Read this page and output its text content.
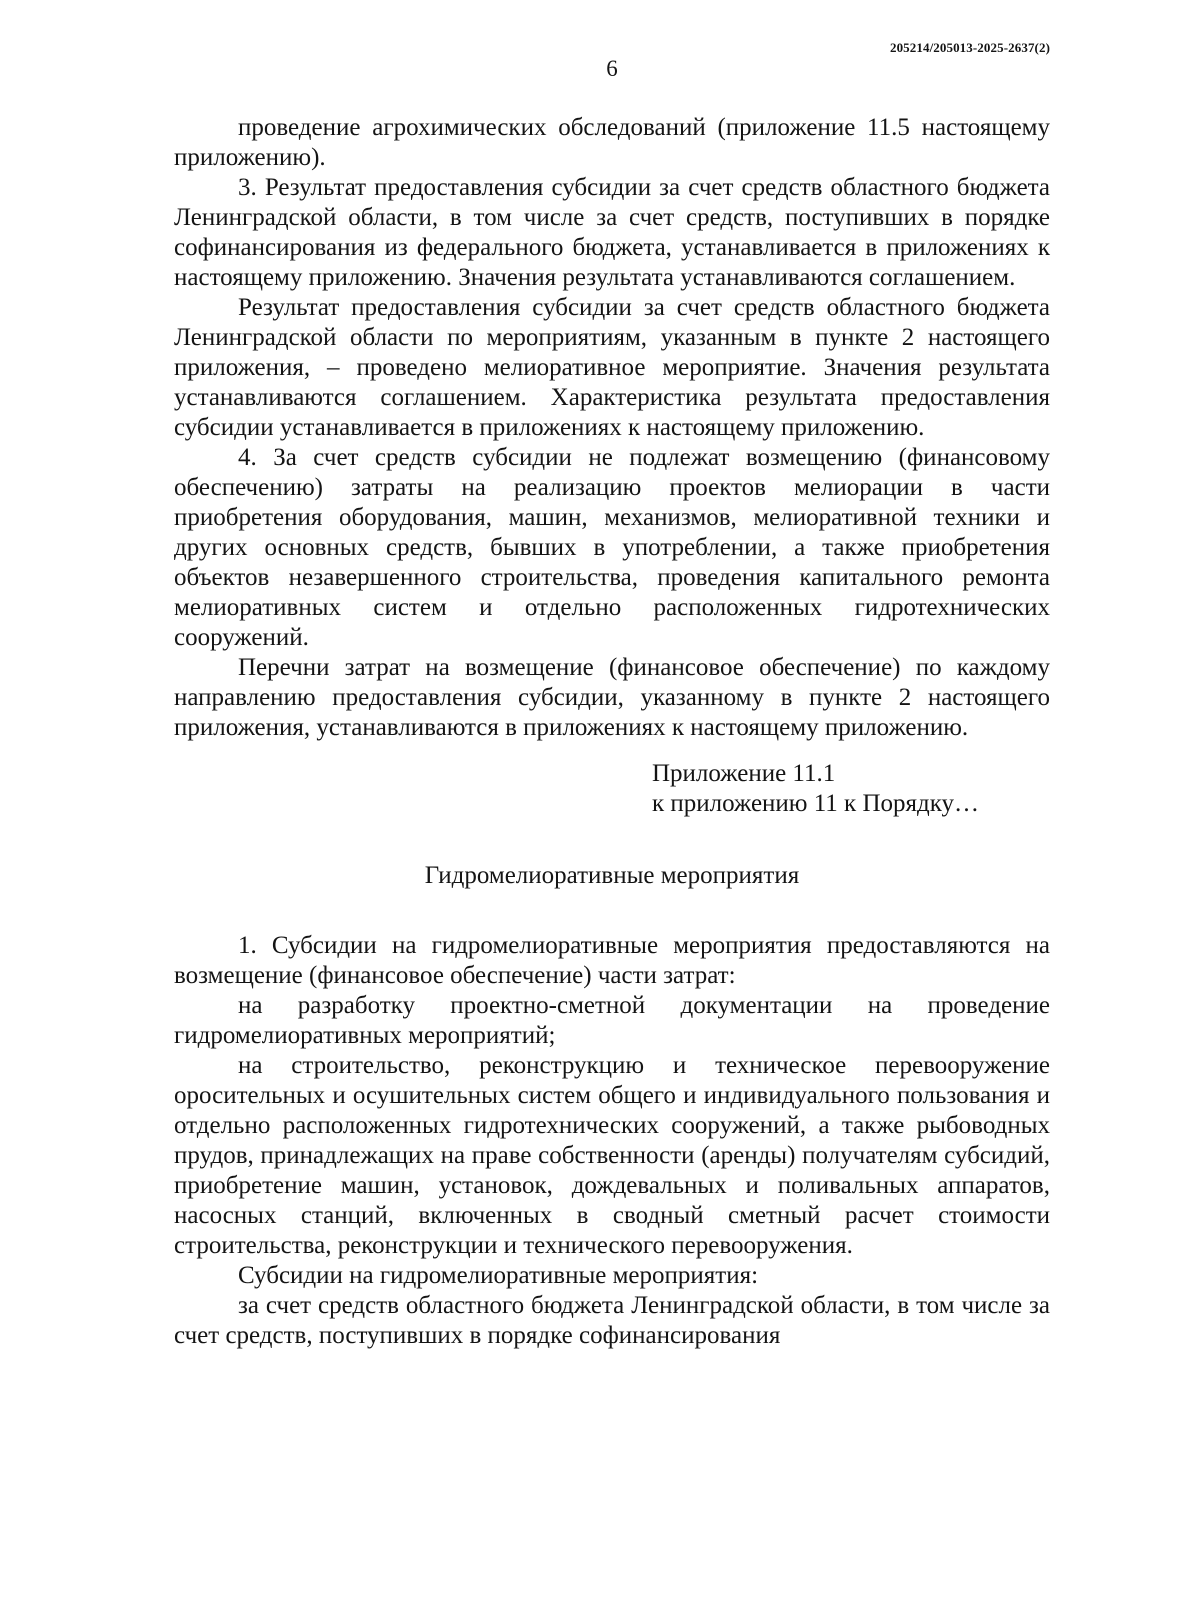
205214/205013-2025-2637(2)
6

проведение агрохимических обследований (приложение 11.5 настоящему приложению).

3. Результат предоставления субсидии за счет средств областного бюджета Ленинградской области, в том числе за счет средств, поступивших в порядке софинансирования из федерального бюджета, устанавливается в приложениях к настоящему приложению. Значения результата устанавливаются соглашением.

Результат предоставления субсидии за счет средств областного бюджета Ленинградской области по мероприятиям, указанным в пункте 2 настоящего приложения, – проведено мелиоративное мероприятие. Значения результата устанавливаются соглашением. Характеристика результата предоставления субсидии устанавливается в приложениях к настоящему приложению.

4. За счет средств субсидии не подлежат возмещению (финансовому обеспечению) затраты на реализацию проектов мелиорации в части приобретения оборудования, машин, механизмов, мелиоративной техники и других основных средств, бывших в употреблении, а также приобретения объектов незавершенного строительства, проведения капитального ремонта мелиоративных систем и отдельно расположенных гидротехнических сооружений.

Перечни затрат на возмещение (финансовое обеспечение) по каждому направлению предоставления субсидии, указанному в пункте 2 настоящего приложения, устанавливаются в приложениях к настоящему приложению.

Приложение 11.1
к приложению 11 к Порядку…
Гидромелиоративные мероприятия

1. Субсидии на гидромелиоративные мероприятия предоставляются на возмещение (финансовое обеспечение) части затрат:

на разработку проектно-сметной документации на проведение гидромелиоративных мероприятий;

на строительство, реконструкцию и техническое перевооружение оросительных и осушительных систем общего и индивидуального пользования и отдельно расположенных гидротехнических сооружений, а также рыбоводных прудов, принадлежащих на праве собственности (аренды) получателям субсидий, приобретение машин, установок, дождевальных и поливальных аппаратов, насосных станций, включенных в сводный сметный расчет стоимости строительства, реконструкции и технического перевооружения.

Субсидии на гидромелиоративные мероприятия:

за счет средств областного бюджета Ленинградской области, в том числе за счет средств, поступивших в порядке софинансирования
